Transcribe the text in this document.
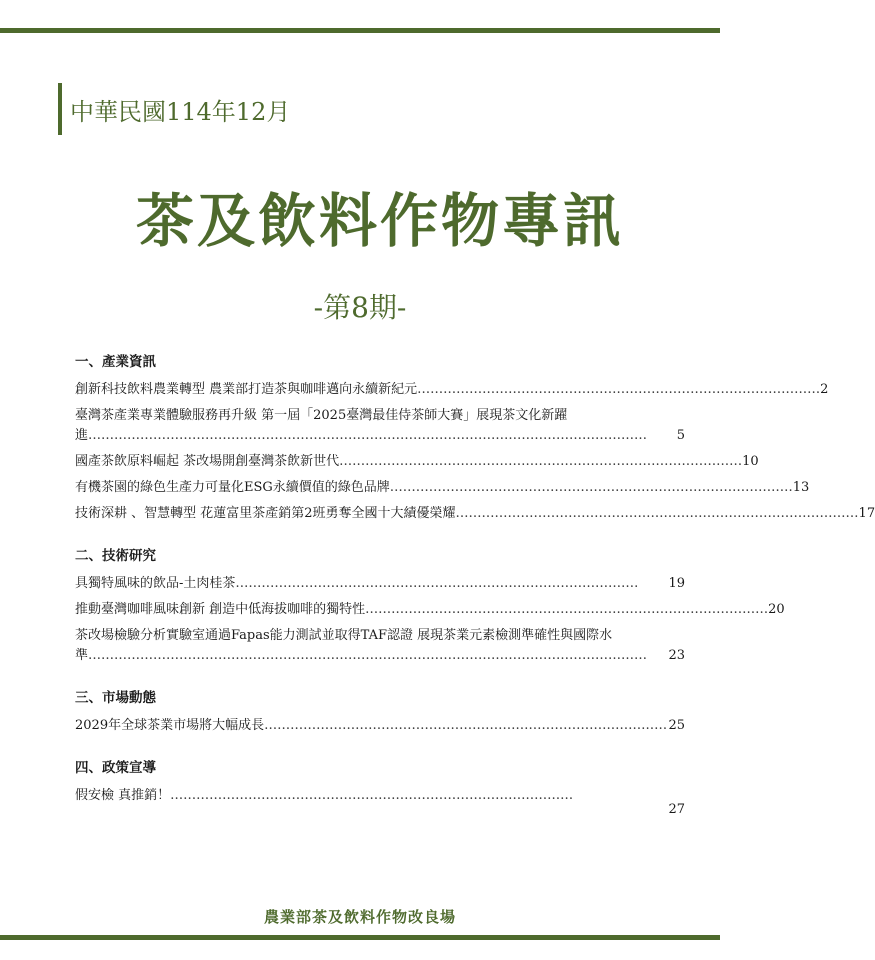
中華民國114年12月
茶及飲料作物專訊
-第8期-
一、產業資訊
創新科技飲料農業轉型 農業部打造茶與咖啡邁向永續新紀元………………………………………………………………………………… 2
臺灣茶產業專業體驗服務再升級 第一屆「2025臺灣最佳侍茶師大賽」展現茶文化新躍進…………………………………………………………………………………………………………………	5
國產茶飲原料崛起 茶改場開創臺灣茶飲新世代………………………………………………………………………………… 10
有機茶園的綠色生產力可量化ESG永續價值的綠色品牌………………………………………………………………………………… 13
技術深耕 、智慧轉型 花蓮富里茶產銷第2班勇奪全國十大績優榮耀………………………………………………………………………………… 17
二、技術研究
具獨特風味的飲品-土肉桂茶…………………………………………………………………………………	19
推動臺灣咖啡風味創新 創造中低海拔咖啡的獨特性………………………………………………………………………………… 20
茶改場檢驗分析實驗室通過Fapas能力測試並取得TAF認證 展現茶業元素檢測準確性與國際水準…………………………………………………………………………………………………………………	23
三、市場動態
2029年全球茶業市場將大幅成長………………………………………………………………………………… 25
四、政策宣導
假安檢 真推銷！…………………………………………………………………………………
27
農業部茶及飲料作物改良場
